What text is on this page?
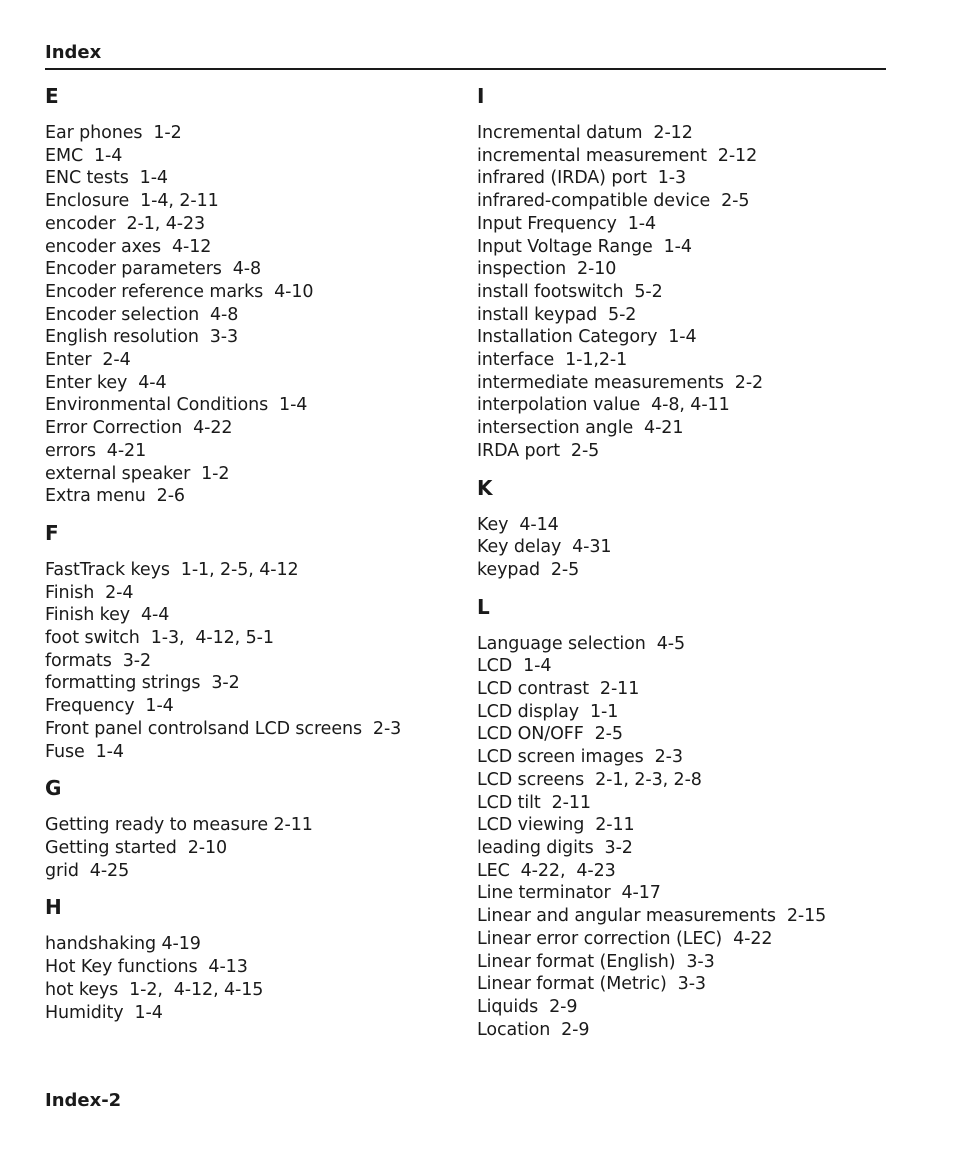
Index
E
Ear phones  1-2
EMC  1-4
ENC tests  1-4
Enclosure  1-4, 2-11
encoder  2-1, 4-23
encoder axes  4-12
Encoder parameters  4-8
Encoder reference marks  4-10
Encoder selection  4-8
English resolution  3-3
Enter  2-4
Enter key  4-4
Environmental Conditions  1-4
Error Correction  4-22
errors  4-21
external speaker  1-2
Extra menu  2-6
F
FastTrack keys  1-1, 2-5, 4-12
Finish  2-4
Finish key  4-4
foot switch  1-3,  4-12, 5-1
formats  3-2
formatting strings  3-2
Frequency  1-4
Front panel controlsand LCD screens  2-3
Fuse  1-4
G
Getting ready to measure 2-11
Getting started  2-10
grid  4-25
H
handshaking 4-19
Hot Key functions  4-13
hot keys  1-2,  4-12, 4-15
Humidity  1-4
I
Incremental datum  2-12
incremental measurement  2-12
infrared (IRDA) port  1-3
infrared-compatible device  2-5
Input Frequency  1-4
Input Voltage Range  1-4
inspection  2-10
install footswitch  5-2
install keypad  5-2
Installation Category  1-4
interface  1-1,2-1
intermediate measurements  2-2
interpolation value  4-8, 4-11
intersection angle  4-21
IRDA port  2-5
K
Key  4-14
Key delay  4-31
keypad  2-5
L
Language selection  4-5
LCD  1-4
LCD contrast  2-11
LCD display  1-1
LCD ON/OFF  2-5
LCD screen images  2-3
LCD screens  2-1, 2-3, 2-8
LCD tilt  2-11
LCD viewing  2-11
leading digits  3-2
LEC  4-22,  4-23
Line terminator  4-17
Linear and angular measurements  2-15
Linear error correction (LEC)  4-22
Linear format (English)  3-3
Linear format (Metric)  3-3
Liquids  2-9
Location  2-9
Index-2
